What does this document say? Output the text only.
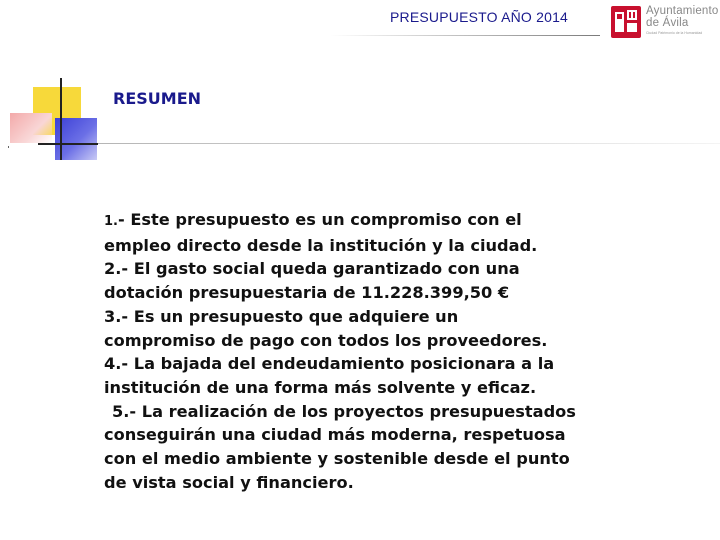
PRESUPUESTO AÑO 2014	Ayuntamiento
de Ávila
Ciudad Patrimonio de la Humanidad
RESUMEN
1.- Este presupuesto es un compromiso con el
empleo directo desde la institución y la ciudad.
2.- El gasto social queda garantizado con una
dotación presupuestaria de 11.228.399,50 €
3.- Es un presupuesto que adquiere un
compromiso de pago con todos los proveedores.
4.- La bajada del endeudamiento posicionara a la
institución de una forma más solvente y eficaz.
5.- La realización de los proyectos presupuestados
conseguirán una ciudad más moderna, respetuosa
con el medio ambiente y sostenible desde el punto
de vista social y financiero.
